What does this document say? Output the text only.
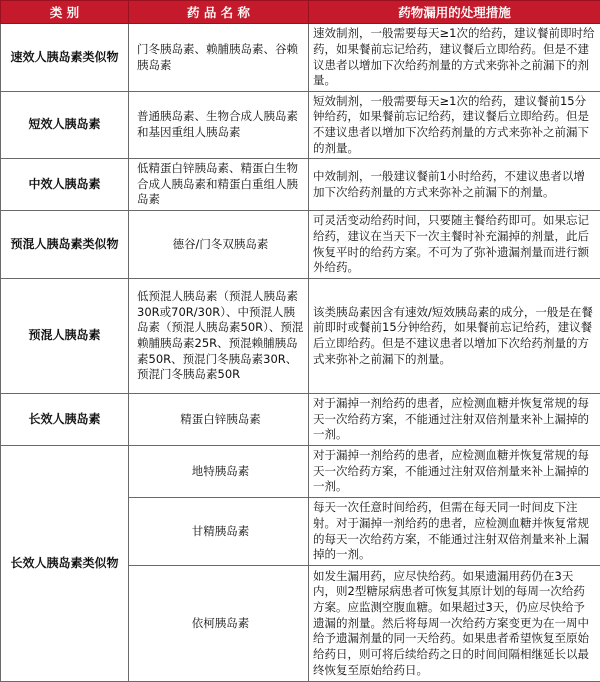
类 别	药 品 名 称	药物漏用的处理措施
速效人胰岛素类似物	门冬胰岛素、赖脯胰岛素、谷赖胰岛素	速效制剂，一般需要每天≥1次的给药，建议餐前即时给药，如果餐前忘记给药，建议餐后立即给药。但是不建议患者以增加下次给药剂量的方式来弥补之前漏下的剂量。
短效人胰岛素	普通胰岛素、生物合成人胰岛素和基因重组人胰岛素	短效制剂，一般需要每天≥1次的给药，建议餐前15分钟给药，如果餐前忘记给药，建议餐后立即给药。但是不建议患者以增加下次给药剂量的方式来弥补之前漏下的剂量。
中效人胰岛素	低精蛋白锌胰岛素、精蛋白生物合成人胰岛素和精蛋白重组人胰岛素	中效制剂，一般建议餐前1小时给药，不建议患者以增加下次给药剂量的方式来弥补之前漏下的剂量。
预混人胰岛素类似物	德谷/门冬双胰岛素	可灵活变动给药时间，只要随主餐给药即可。如果忘记给药，建议在当天下一次主餐时补充漏掉的剂量，此后恢复平时的给药方案。不可为了弥补遗漏剂量而进行额外给药。
预混人胰岛素	低预混人胰岛素（预混人胰岛素30R或70R/30R）、中预混人胰岛素（预混人胰岛素50R）、预混赖脯胰岛素25R、预混赖脯胰岛素50R、预混门冬胰岛素30R、预混门冬胰岛素50R	该类胰岛素因含有速效/短效胰岛素的成分，一般是在餐前即时或餐前15分钟给药，如果餐前忘记给药，建议餐后立即给药。但是不建议患者以增加下次给药剂量的方式来弥补之前漏下的剂量。
长效人胰岛素	精蛋白锌胰岛素	对于漏掉一剂给药的患者，应检测血糖并恢复常规的每天一次给药方案，不能通过注射双倍剂量来补上漏掉的一剂。
长效人胰岛素类似物	地特胰岛素	对于漏掉一剂给药的患者，应检测血糖并恢复常规的每天一次给药方案，不能通过注射双倍剂量来补上漏掉的一剂。
	甘精胰岛素	每天一次任意时间给药，但需在每天同一时间皮下注射。对于漏掉一剂给药的患者，应检测血糖并恢复常规的每天一次给药方案，不能通过注射双倍剂量来补上漏掉的一剂。
	依柯胰岛素	如发生漏用药，应尽快给药。如果遗漏用药仍在3天内，则2型糖尿病患者可恢复其原计划的每周一次给药方案。应监测空腹血糖。如果超过3天，仍应尽快给予遗漏的剂量。然后将每周一次给药方案变更为在一周中给予遗漏剂量的同一天给药。如果患者希望恢复至原始给药日，则可将后续给药之日的时间间隔相继延长以最终恢复至原始给药日。
